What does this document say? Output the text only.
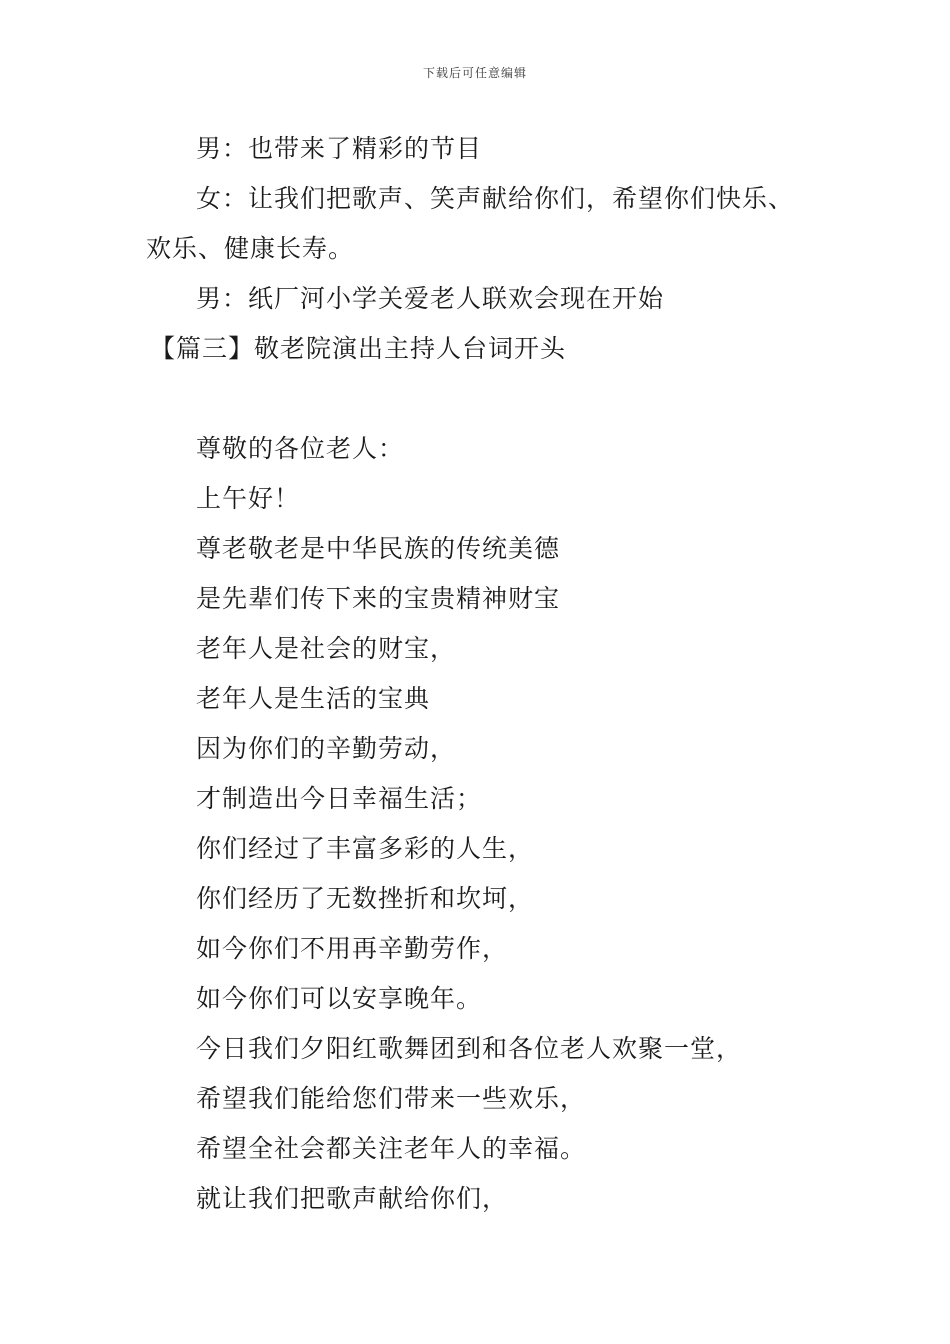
下载后可任意编辑
男：也带来了精彩的节目
女：让我们把歌声、笑声献给你们，希望你们快乐、
欢乐、健康长寿。
男：纸厂河小学关爱老人联欢会现在开始
【篇三】敬老院演出主持人台词开头
尊敬的各位老人：
上午好！
尊老敬老是中华民族的传统美德
是先辈们传下来的宝贵精神财宝
老年人是社会的财宝，
老年人是生活的宝典
因为你们的辛勤劳动，
才制造出今日幸福生活；
你们经过了丰富多彩的人生，
你们经历了无数挫折和坎坷，
如今你们不用再辛勤劳作，
如今你们可以安享晚年。
今日我们夕阳红歌舞团到和各位老人欢聚一堂，
希望我们能给您们带来一些欢乐，
希望全社会都关注老年人的幸福。
就让我们把歌声献给你们，
